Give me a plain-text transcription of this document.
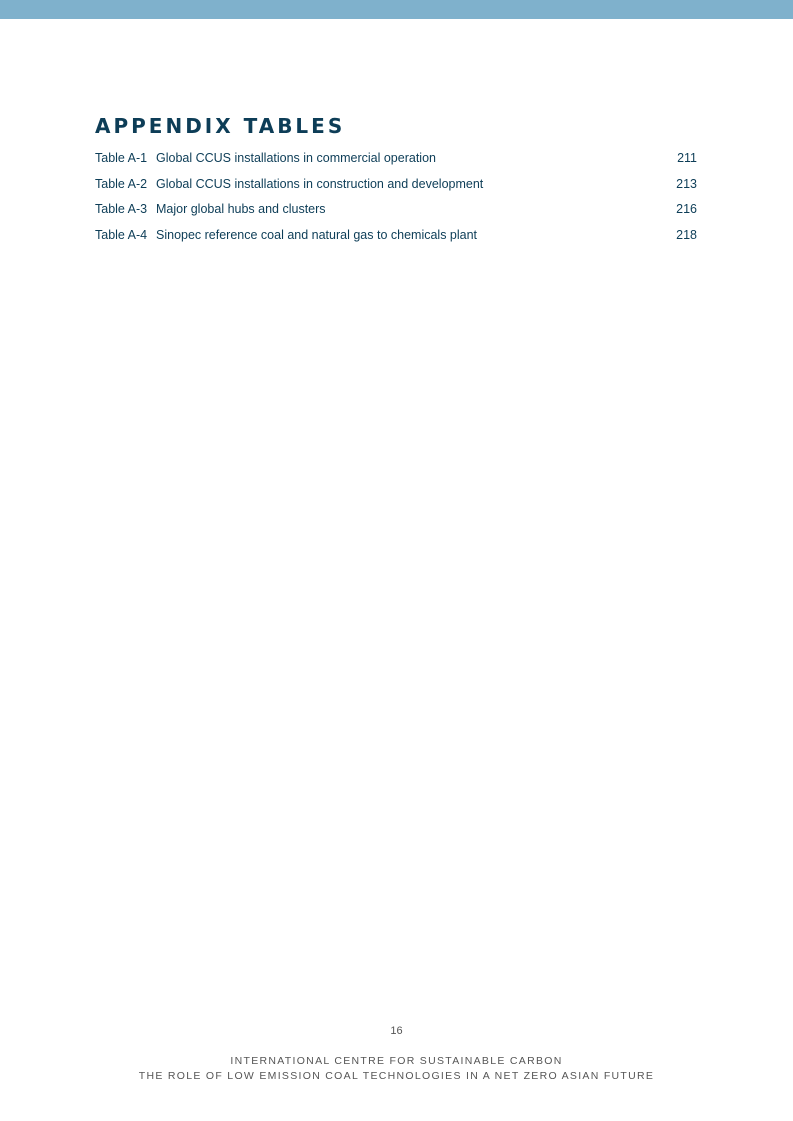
APPENDIX TABLES
Table A-1 Global CCUS installations in commercial operation	211
Table A-2 Global CCUS installations in construction and development	213
Table A-3 Major global hubs and clusters	216
Table A-4 Sinopec reference coal and natural gas to chemicals plant	218
16
INTERNATIONAL CENTRE FOR SUSTAINABLE CARBON
THE ROLE OF LOW EMISSION COAL TECHNOLOGIES IN A NET ZERO ASIAN FUTURE
